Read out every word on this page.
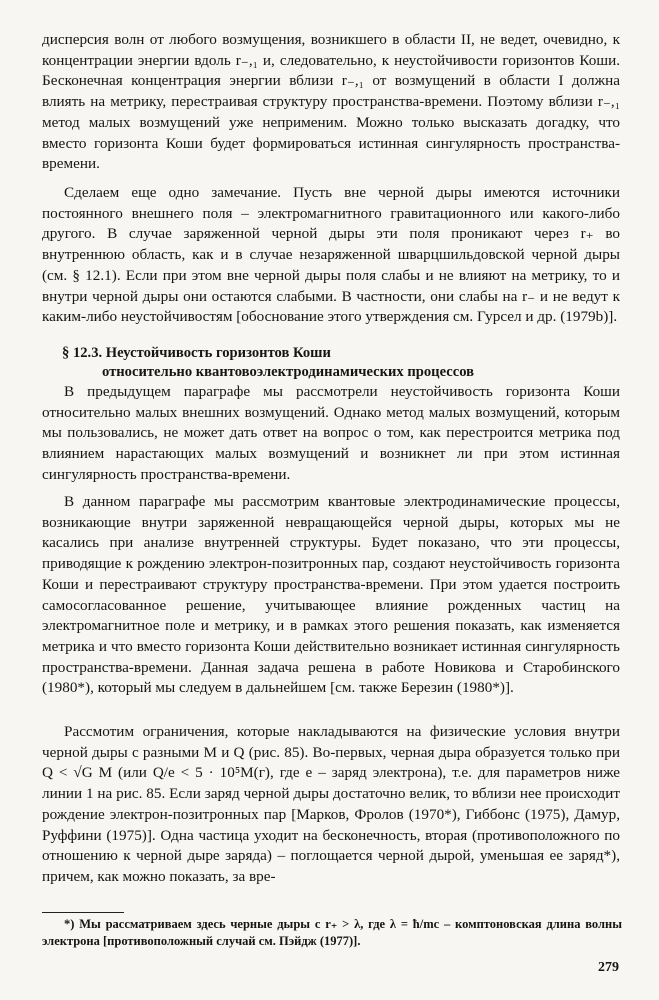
дисперсия волн от любого возмущения, возникшего в области II, не ведет, очевидно, к концентрации энергии вдоль r₋,₁ и, следовательно, к неустойчивости горизонтов Коши. Бесконечная концентрация энергии вблизи r₋,₁ от возмущений в области I должна влиять на метрику, перестраивая структуру пространства-времени. Поэтому вблизи r₋,₁ метод малых возмущений уже неприменим. Можно только высказать догадку, что вместо горизонта Коши будет формироваться истинная сингулярность пространства-времени.

Сделаем еще одно замечание. Пусть вне черной дыры имеются источники постоянного внешнего поля – электромагнитного гравитационного или какого-либо другого. В случае заряженной черной дыры эти поля проникают через r₊ во внутреннюю область, как и в случае незаряженной шварцшильдовской черной дыры (см. § 12.1). Если при этом вне черной дыры поля слабы и не влияют на метрику, то и внутри черной дыры они остаются слабыми. В частности, они слабы на r₋ и не ведут к каким-либо неустойчивостям [обоснование этого утверждения см. Гурсел и др. (1979b)].

§ 12.3. Неустойчивость горизонтов Коши
относительно квантовоэлектродинамических процессов

В предыдущем параграфе мы рассмотрели неустойчивость горизонта Коши относительно малых внешних возмущений. Однако метод малых возмущений, которым мы пользовались, не может дать ответ на вопрос о том, как перестроится метрика под влиянием нарастающих малых возмущений и возникнет ли при этом истинная сингулярность пространства-времени.

В данном параграфе мы рассмотрим квантовые электродинамические процессы, возникающие внутри заряженной невращающейся черной дыры, которых мы не касались при анализе внутренней структуры. Будет показано, что эти процессы, приводящие к рождению электрон-позитронных пар, создают неустойчивость горизонта Коши и перестраивают структуру пространства-времени. При этом удается построить самосогласованное решение, учитывающее влияние рожденных частиц на электромагнитное поле и метрику, и в рамках этого решения показать, как изменяется метрика и что вместо горизонта Коши действительно возникает истинная сингулярность пространства-времени. Данная задача решена в работе Новикова и Старобинского (1980*), который мы следуем в дальнейшем [см. также Березин (1980*)].

Рассмотим ограничения, которые накладываются на физические условия внутри черной дыры с разными M и Q (рис. 85). Во-первых, черная дыра образуется только при Q < √G M (или Q/e < 5 · 10⁵M(г), где e – заряд электрона), т.е. для параметров ниже линии 1 на рис. 85. Если заряд черной дыры достаточно велик, то вблизи нее происходит рождение электрон-позитронных пар [Марков, Фролов (1970*), Гиббонс (1975), Дамур, Руффини (1975)]. Одна частица уходит на бесконечность, вторая (противоположного по отношению к черной дыре заряда) – поглощается черной дырой, уменьшая ее заряд*), причем, как можно показать, за вре-

*) Мы рассматриваем здесь черные дыры с r₊ > λ, где λ = ħ/mc – комптоновская длина волны электрона [противоположный случай см. Пэйдж (1977)].

279
